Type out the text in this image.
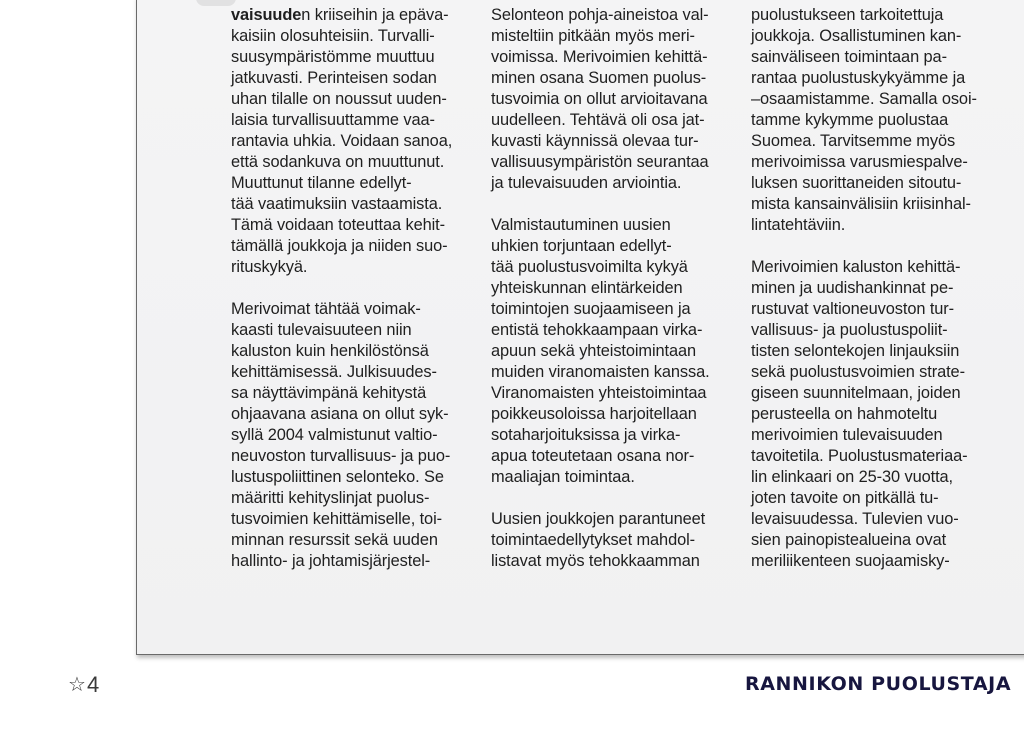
vaisuuden kriiseihin ja epäva-
kaisiin olosuhteisiin. Turvalli-
suusympäristömme muuttuu
jatkuvasti. Perinteisen sodan
uhan tilalle on noussut uuden-
laisia turvallisuuttamme vaa-
rantavia uhkia. Voidaan sanoa,
että sodankuva on muuttunut.
Muuttunut tilanne edellyt-
tää vaatimuksiin vastaamista.
Tämä voidaan toteuttaa kehit-
tämällä joukkoja ja niiden suo-
rituskykyä.
Merivoimat tähtää voimak-
kaasti tulevaisuuteen niin
kaluston kuin henkilöstönsä
kehittämisessä. Julkisuudes-
sa näyttävimpänä kehitystä
ohjaavana asiana on ollut syk-
syllä 2004 valmistunut valtio-
neuvoston turvallisuus- ja puo-
lustuspoliittinen selonteko. Se
määritti kehityslinjat puolus-
tusvoimien kehittämiselle, toi-
minnan resurssit sekä uuden
hallinto- ja johtamisjärjestel-
Selonteon pohja-aineistoa val-
misteltiin pitkään myös meri-
voimissa. Merivoimien kehittä-
minen osana Suomen puolus-
tusvoimia on ollut arvioitavana
uudelleen. Tehtävä oli osa jat-
kuvasti käynnissä olevaa tur-
vallisuusympäristön seurantaa
ja tulevaisuuden arviointia.
Valmistautuminen uusien
uhkien torjuntaan edellyt-
tää puolustusvoimilta kykyä
yhteiskunnan elintärkeiden
toimintojen suojaamiseen ja
entistä tehokkaampaan virka-
apuun sekä yhteistoimintaan
muiden viranomaisten kanssa.
Viranomaisten yhteistoimintaa
poikkeusoloissa harjoitellaan
sotaharjoituksissa ja virka-
apua toteutetaan osana nor-
maaliajan toimintaa.
Uusien joukkojen parantuneet
toimintaedellytykset mahdol-
listavat myös tehokkaamman
puolustukseen tarkoitettuja
joukkoja. Osallistuminen kan-
sainväliseen toimintaan pa-
rantaa puolustuskykyämme ja
–osaamistamme. Samalla osoi-
tamme kykymme puolustaa
Suomea. Tarvitsemme myös
merivoimissa varusmiespalve-
luksen suorittaneiden sitoutu-
mista kansainvälisiin kriisinhal-
lintatehtäviin.
Merivoimien kaluston kehittä-
minen ja uudishankinnat pe-
rustuvat valtioneuvoston tur-
vallisuus- ja puolustuspoliit-
tisten selontekojen linjauksiin
sekä puolustusvoimien strate-
giseen suunnitelmaan, joiden
perusteella on hahmoteltu
merivoimien tulevaisuuden
tavoitetila. Puolustusmateriaa-
lin elinkaari on 25-30 vuotta,
joten tavoite on pitkällä tu-
levaisuudessa. Tulevien vuo-
sien painopistealueina ovat
meriliikenteen suojaamisky-
☆ 4	RANNIKON PUOLUSTAJA
